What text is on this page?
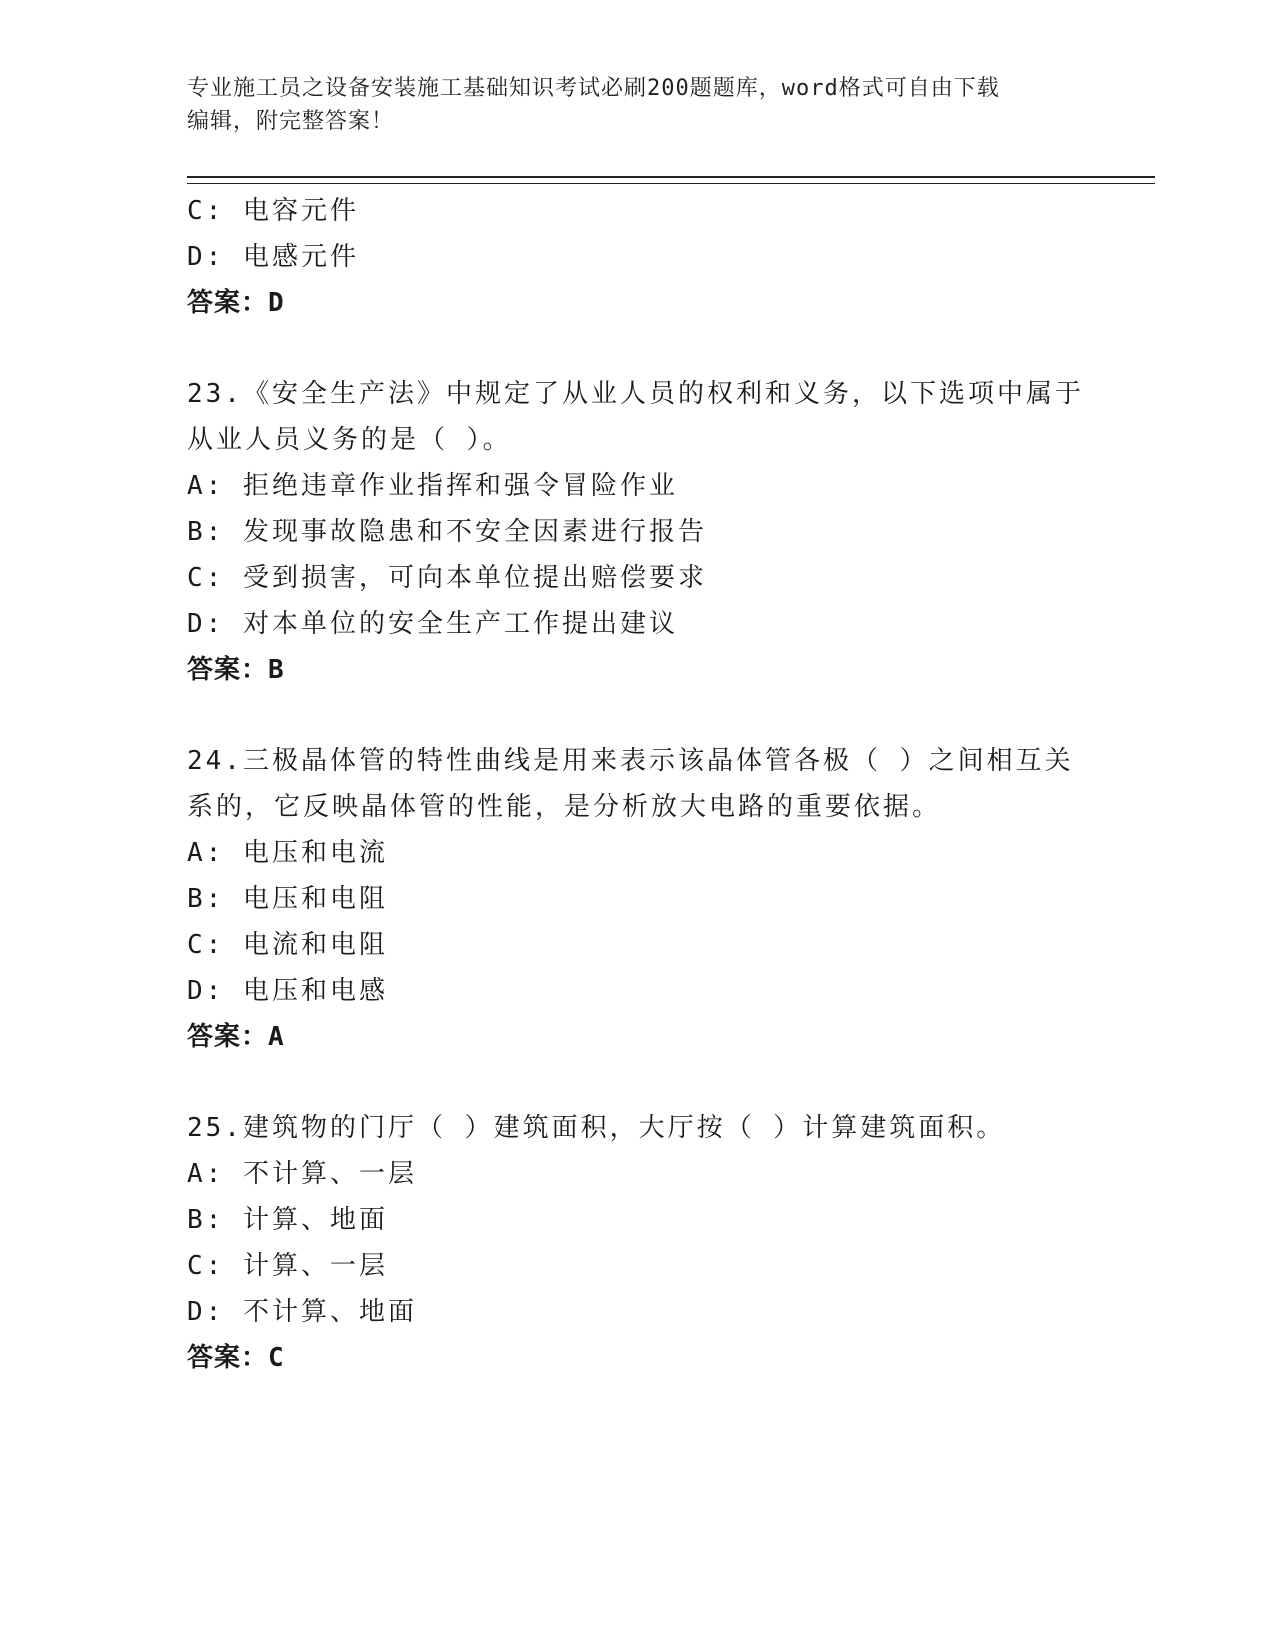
专业施工员之设备安装施工基础知识考试必刷200题题库，word格式可自由下载
编辑，附完整答案！
C: 电容元件
D: 电感元件
答案：D
23.《安全生产法》中规定了从业人员的权利和义务，以下选项中属于
从业人员义务的是（ ）。
A: 拒绝违章作业指挥和强令冒险作业
B: 发现事故隐患和不安全因素进行报告
C: 受到损害，可向本单位提出赔偿要求
D: 对本单位的安全生产工作提出建议
答案：B
24.三极晶体管的特性曲线是用来表示该晶体管各极（ ）之间相互关
系的，它反映晶体管的性能，是分析放大电路的重要依据。
A: 电压和电流
B: 电压和电阻
C: 电流和电阻
D: 电压和电感
答案：A
25.建筑物的门厅（ ）建筑面积，大厅按（ ）计算建筑面积。
A: 不计算、一层
B: 计算、地面
C: 计算、一层
D: 不计算、地面
答案：C
